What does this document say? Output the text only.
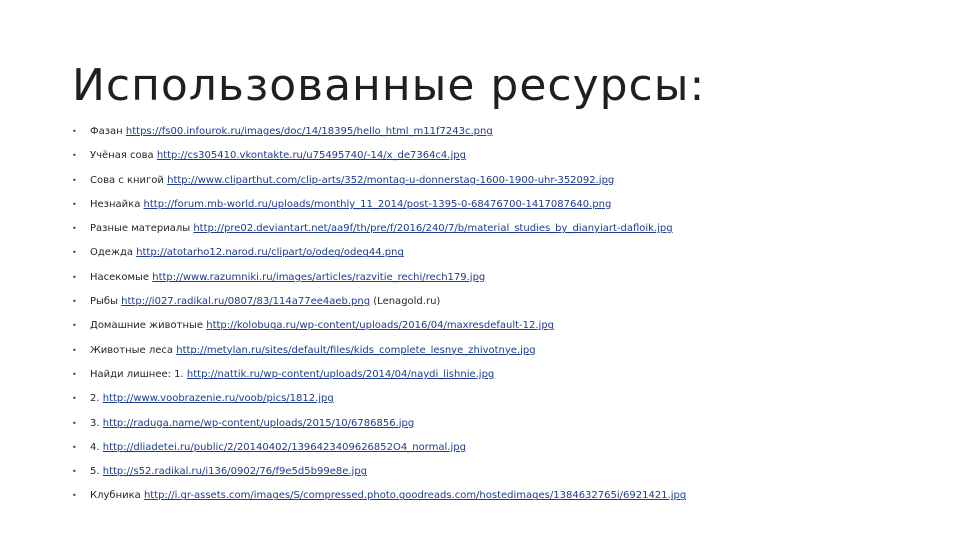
Использованные ресурсы:
• Фазан https://fs00.infourok.ru/images/doc/14/18395/hello_html_m11f7243c.png
• Учёная сова http://cs305410.vkontakte.ru/u75495740/-14/x_de7364c4.jpg
• Сова с книгой http://www.cliparthut.com/clip-arts/352/montag-u-donnerstag-1600-1900-uhr-352092.jpg
• Незнайка http://forum.mb-world.ru/uploads/monthly_11_2014/post-1395-0-68476700-1417087640.png
• Разные материалы http://pre02.deviantart.net/aa9f/th/pre/f/2016/240/7/b/material_studies_by_dianyiart-dafloik.jpg
• Одежда http://atotarho12.narod.ru/clipart/o/odeg/odeg44.png
• Насекомые http://www.razumniki.ru/images/articles/razvitie_rechi/rech179.jpg
• Рыбы http://i027.radikal.ru/0807/83/114a77ee4aeb.png (Lenagold.ru)
• Домашние животные http://kolobuga.ru/wp-content/uploads/2016/04/maxresdefault-12.jpg
• Животные леса http://metylan.ru/sites/default/files/kids_complete_lesnye_zhivotnye.jpg
• Найди лишнее: 1. http://nattik.ru/wp-content/uploads/2014/04/naydi_lishnie.jpg
• 2. http://www.voobrazenie.ru/voob/pics/1812.jpg
• 3. http://raduga.name/wp-content/uploads/2015/10/6786856.jpg
• 4. http://dliadetei.ru/public/2/20140402/1396423409626852O4_normal.jpg
• 5. http://s52.radikal.ru/i136/0902/76/f9e5d5b99e8e.jpg
• Клубника http://i.gr-assets.com/images/S/compressed.photo.goodreads.com/hostedimages/1384632765i/6921421.jpg
